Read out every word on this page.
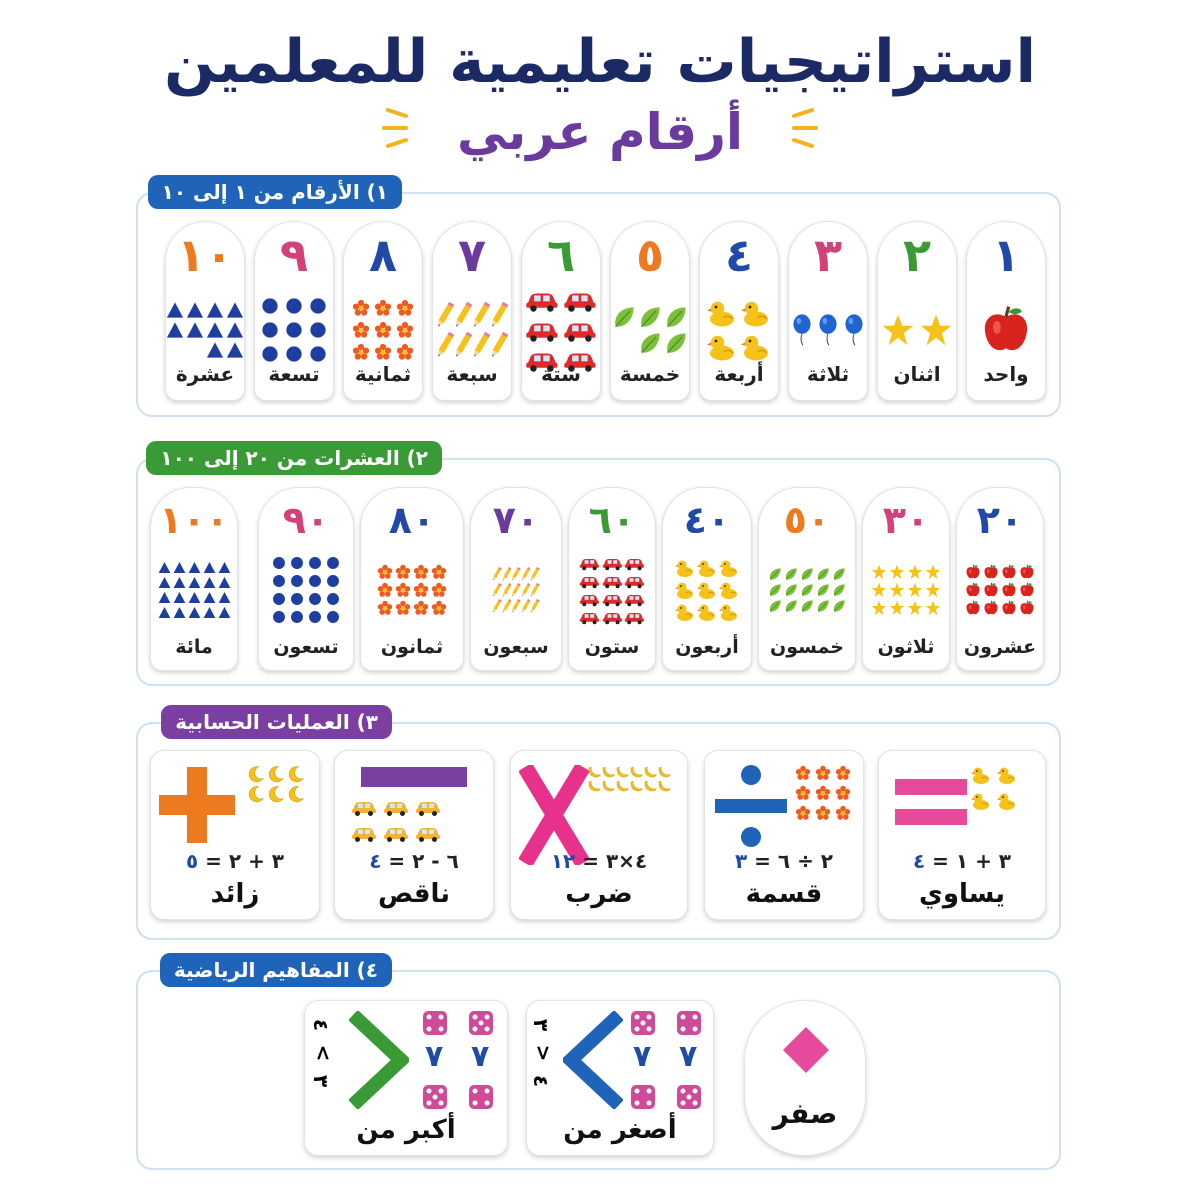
استراتيجيات تعليمية للمعلمين
أرقام عربي
١) الأرقام من ١ إلى ١٠
١
واحد
٢
اثنان
٣
ثلاثة
٤
أربعة
٥
خمسة
٦
ستة
٧
سبعة
٨
ثمانية
٩
تسعة
١٠
عشرة
٢) العشرات من ٢٠ إلى ١٠٠
٢٠
عشرون
٣٠
ثلاثون
٥٠
خمسون
٤٠
أربعون
٦٠
ستون
٧٠
سبعون
٨٠
ثمانون
٩٠
تسعون
١٠٠
مائة
٣) العمليات الحسابية
٣ + ١ = ٤
يساوي
٢ ÷ ٦ = ٣
قسمة
٤×٣ = ١٢
ضرب
٦ - ٢ = ٤
ناقص
٣ + ٢ = ٥
زائد
٤) المفاهيم الرياضية
صفر
٣
<
٤
٧ ٧
أصغر من
٤
>
٣
٧ ٧
أكبر من
